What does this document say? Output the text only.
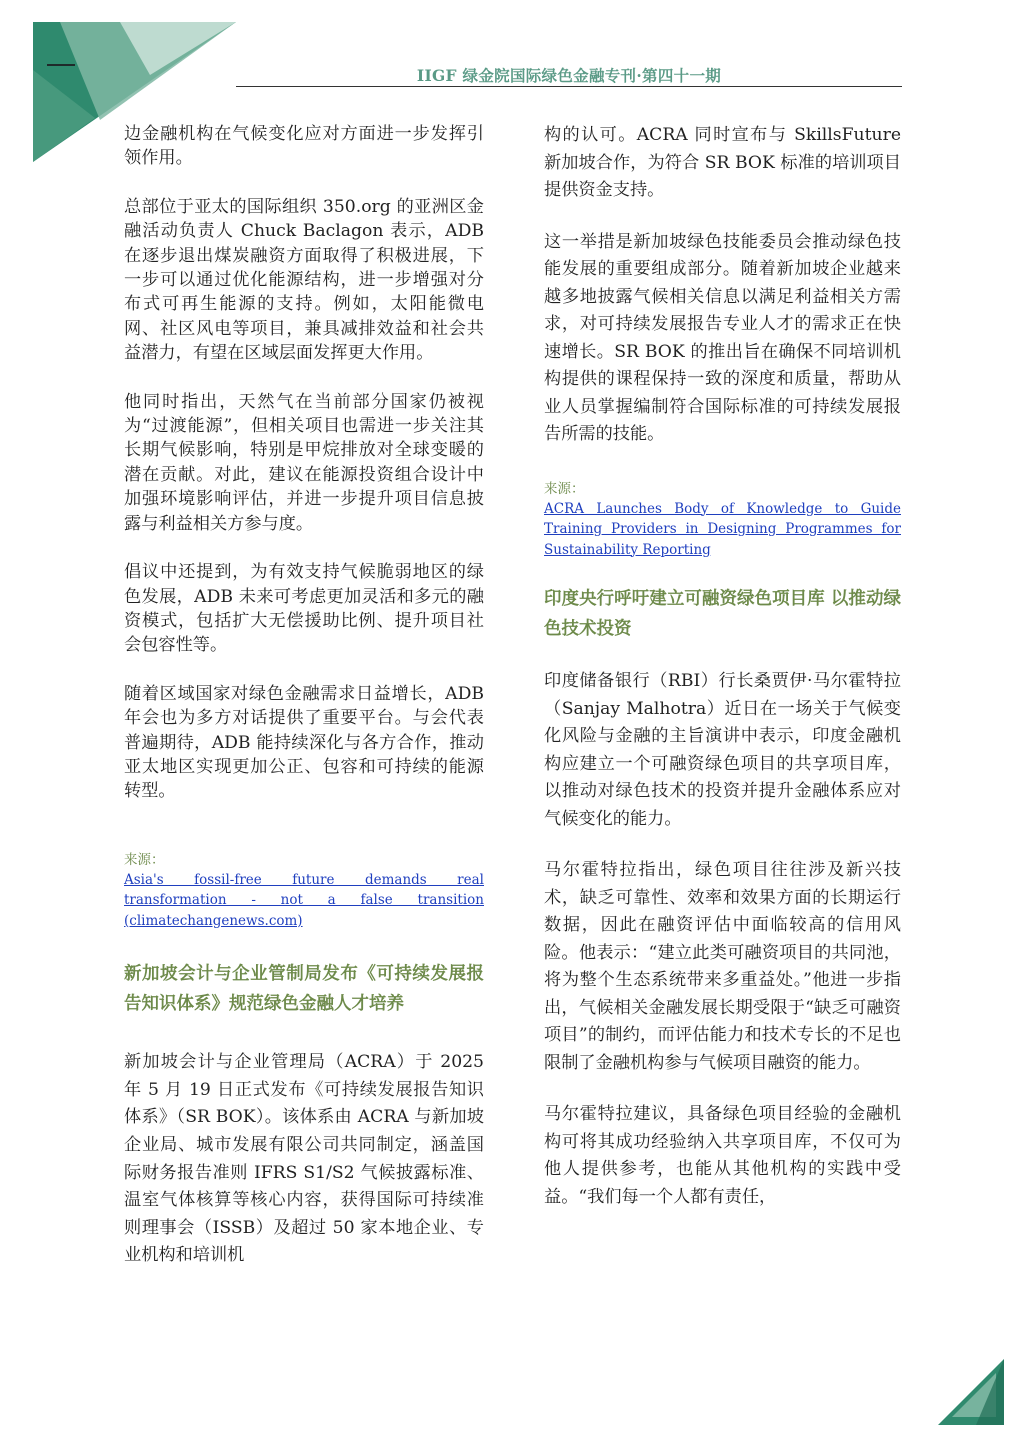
IIGF 绿金院国际绿色金融专刊·第四十一期

边金融机构在气候变化应对方面进一步发挥引领作用。

总部位于亚太的国际组织 350.org 的亚洲区金融活动负责人 Chuck Baclagon 表示，ADB 在逐步退出煤炭融资方面取得了积极进展，下一步可以通过优化能源结构，进一步增强对分布式可再生能源的支持。例如，太阳能微电网、社区风电等项目，兼具减排效益和社会共益潜力，有望在区域层面发挥更大作用。

他同时指出，天然气在当前部分国家仍被视为“过渡能源”，但相关项目也需进一步关注其长期气候影响，特别是甲烷排放对全球变暖的潜在贡献。对此，建议在能源投资组合设计中加强环境影响评估，并进一步提升项目信息披露与利益相关方参与度。

倡议中还提到，为有效支持气候脆弱地区的绿色发展，ADB 未来可考虑更加灵活和多元的融资模式，包括扩大无偿援助比例、提升项目社会包容性等。

随着区域国家对绿色金融需求日益增长，ADB 年会也为多方对话提供了重要平台。与会代表普遍期待，ADB 能持续深化与各方合作，推动亚太地区实现更加公正、包容和可持续的能源转型。

来源：

Asia's fossil-free future demands real transformation - not a false transition (climatechangenews.com)

新加坡会计与企业管制局发布《可持续发展报告知识体系》规范绿色金融人才培养

新加坡会计与企业管理局（ACRA）于 2025 年 5 月 19 日正式发布《可持续发展报告知识体系》（SR BOK）。该体系由 ACRA 与新加坡企业局、城市发展有限公司共同制定，涵盖国际财务报告准则 IFRS S1/S2 气候披露标准、温室气体核算等核心内容，获得国际可持续准则理事会（ISSB）及超过 50 家本地企业、专业机构和培训机

构的认可。ACRA 同时宣布与 SkillsFuture 新加坡合作，为符合 SR BOK 标准的培训项目提供资金支持。

这一举措是新加坡绿色技能委员会推动绿色技能发展的重要组成部分。随着新加坡企业越来越多地披露气候相关信息以满足利益相关方需求，对可持续发展报告专业人才的需求正在快速增长。SR BOK 的推出旨在确保不同培训机构提供的课程保持一致的深度和质量，帮助从业人员掌握编制符合国际标准的可持续发展报告所需的技能。

来源：

ACRA Launches Body of Knowledge to Guide Training Providers in Designing Programmes for Sustainability Reporting

印度央行呼吁建立可融资绿色项目库 以推动绿色技术投资

印度储备银行（RBI）行长桑贾伊·马尔霍特拉（Sanjay Malhotra）近日在一场关于气候变化风险与金融的主旨演讲中表示，印度金融机构应建立一个可融资绿色项目的共享项目库，以推动对绿色技术的投资并提升金融体系应对气候变化的能力。

马尔霍特拉指出，绿色项目往往涉及新兴技术，缺乏可靠性、效率和效果方面的长期运行数据，因此在融资评估中面临较高的信用风险。他表示：“建立此类可融资项目的共同池，将为整个生态系统带来多重益处。”他进一步指出，气候相关金融发展长期受限于“缺乏可融资项目”的制约，而评估能力和技术专长的不足也限制了金融机构参与气候项目融资的能力。

马尔霍特拉建议，具备绿色项目经验的金融机构可将其成功经验纳入共享项目库，不仅可为他人提供参考，也能从其他机构的实践中受益。“我们每一个人都有责任，
